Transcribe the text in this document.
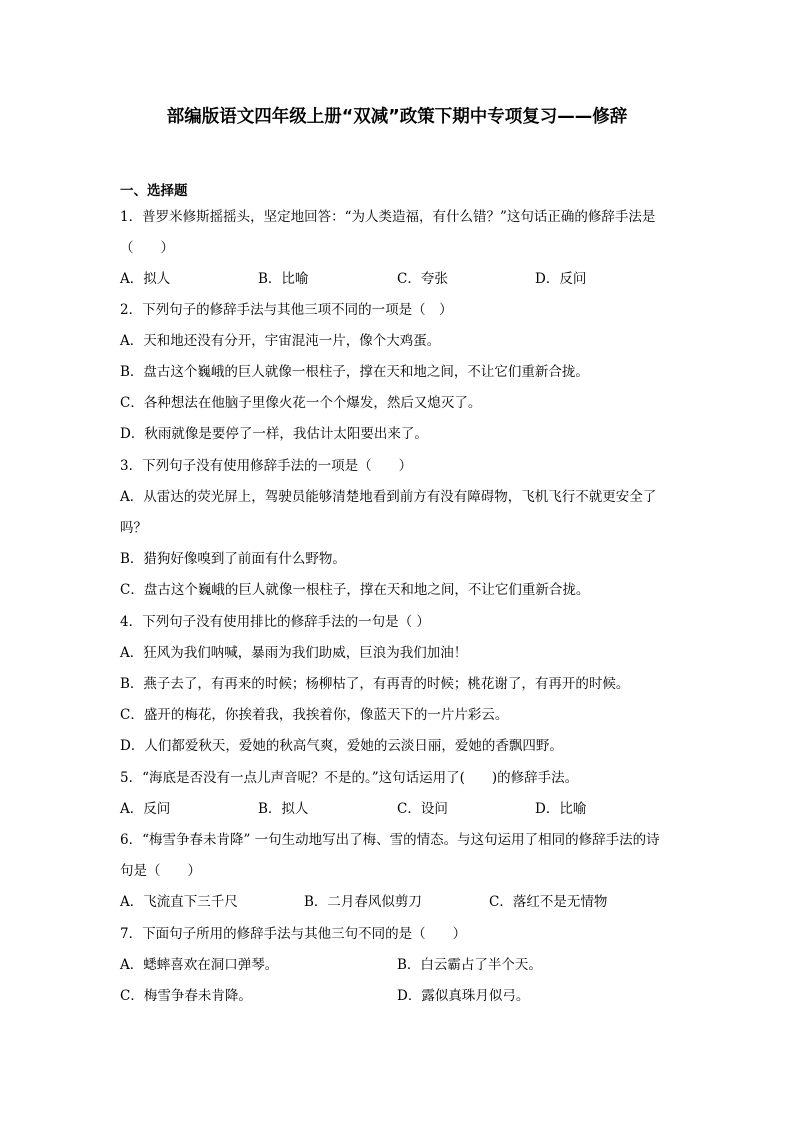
部编版语文四年级上册“双减”政策下期中专项复习——修辞
一、选择题
1．普罗米修斯摇摇头，坚定地回答：“为人类造福，有什么错？”这句话正确的修辞手法是
（　　）
A．拟人	B．比喻	C．夸张	D．反问
2．下列句子的修辞手法与其他三项不同的一项是（　）
A．天和地还没有分开，宇宙混沌一片，像个大鸡蛋。
B．盘古这个巍峨的巨人就像一根柱子，撑在天和地之间，不让它们重新合拢。
C．各种想法在他脑子里像火花一个个爆发，然后又熄灭了。
D．秋雨就像是要停了一样，我估计太阳要出来了。
3．下列句子没有使用修辞手法的一项是（　　）
A．从雷达的荧光屏上，驾驶员能够清楚地看到前方有没有障碍物，飞机飞行不就更安全了
吗？
B．猎狗好像嗅到了前面有什么野物。
C．盘古这个巍峨的巨人就像一根柱子，撑在天和地之间，不让它们重新合拢。
4．下列句子没有使用排比的修辞手法的一句是（ ）
A．狂风为我们呐喊，暴雨为我们助威，巨浪为我们加油！
B．燕子去了，有再来的时候；杨柳枯了，有再青的时候；桃花谢了，有再开的时候。
C．盛开的梅花，你挨着我，我挨着你，像蓝天下的一片片彩云。
D．人们都爱秋天，爱她的秋高气爽，爱她的云淡日丽，爱她的香飘四野。
5．“海底是否没有一点儿声音呢？不是的。”这句话运用了(　　)的修辞手法。
A．反问	B．拟人	C．设问	D．比喻
6．“梅雪争春未肯降” 一句生动地写出了梅、雪的情态。与这句运用了相同的修辞手法的诗
句是（　　）
A．飞流直下三千尺	B．二月春风似剪刀	C．落红不是无情物
7．下面句子所用的修辞手法与其他三句不同的是（　　）
A．蟋蟀喜欢在洞口弹琴。	B．白云霸占了半个天。
C．梅雪争春未肯降。	D．露似真珠月似弓。
